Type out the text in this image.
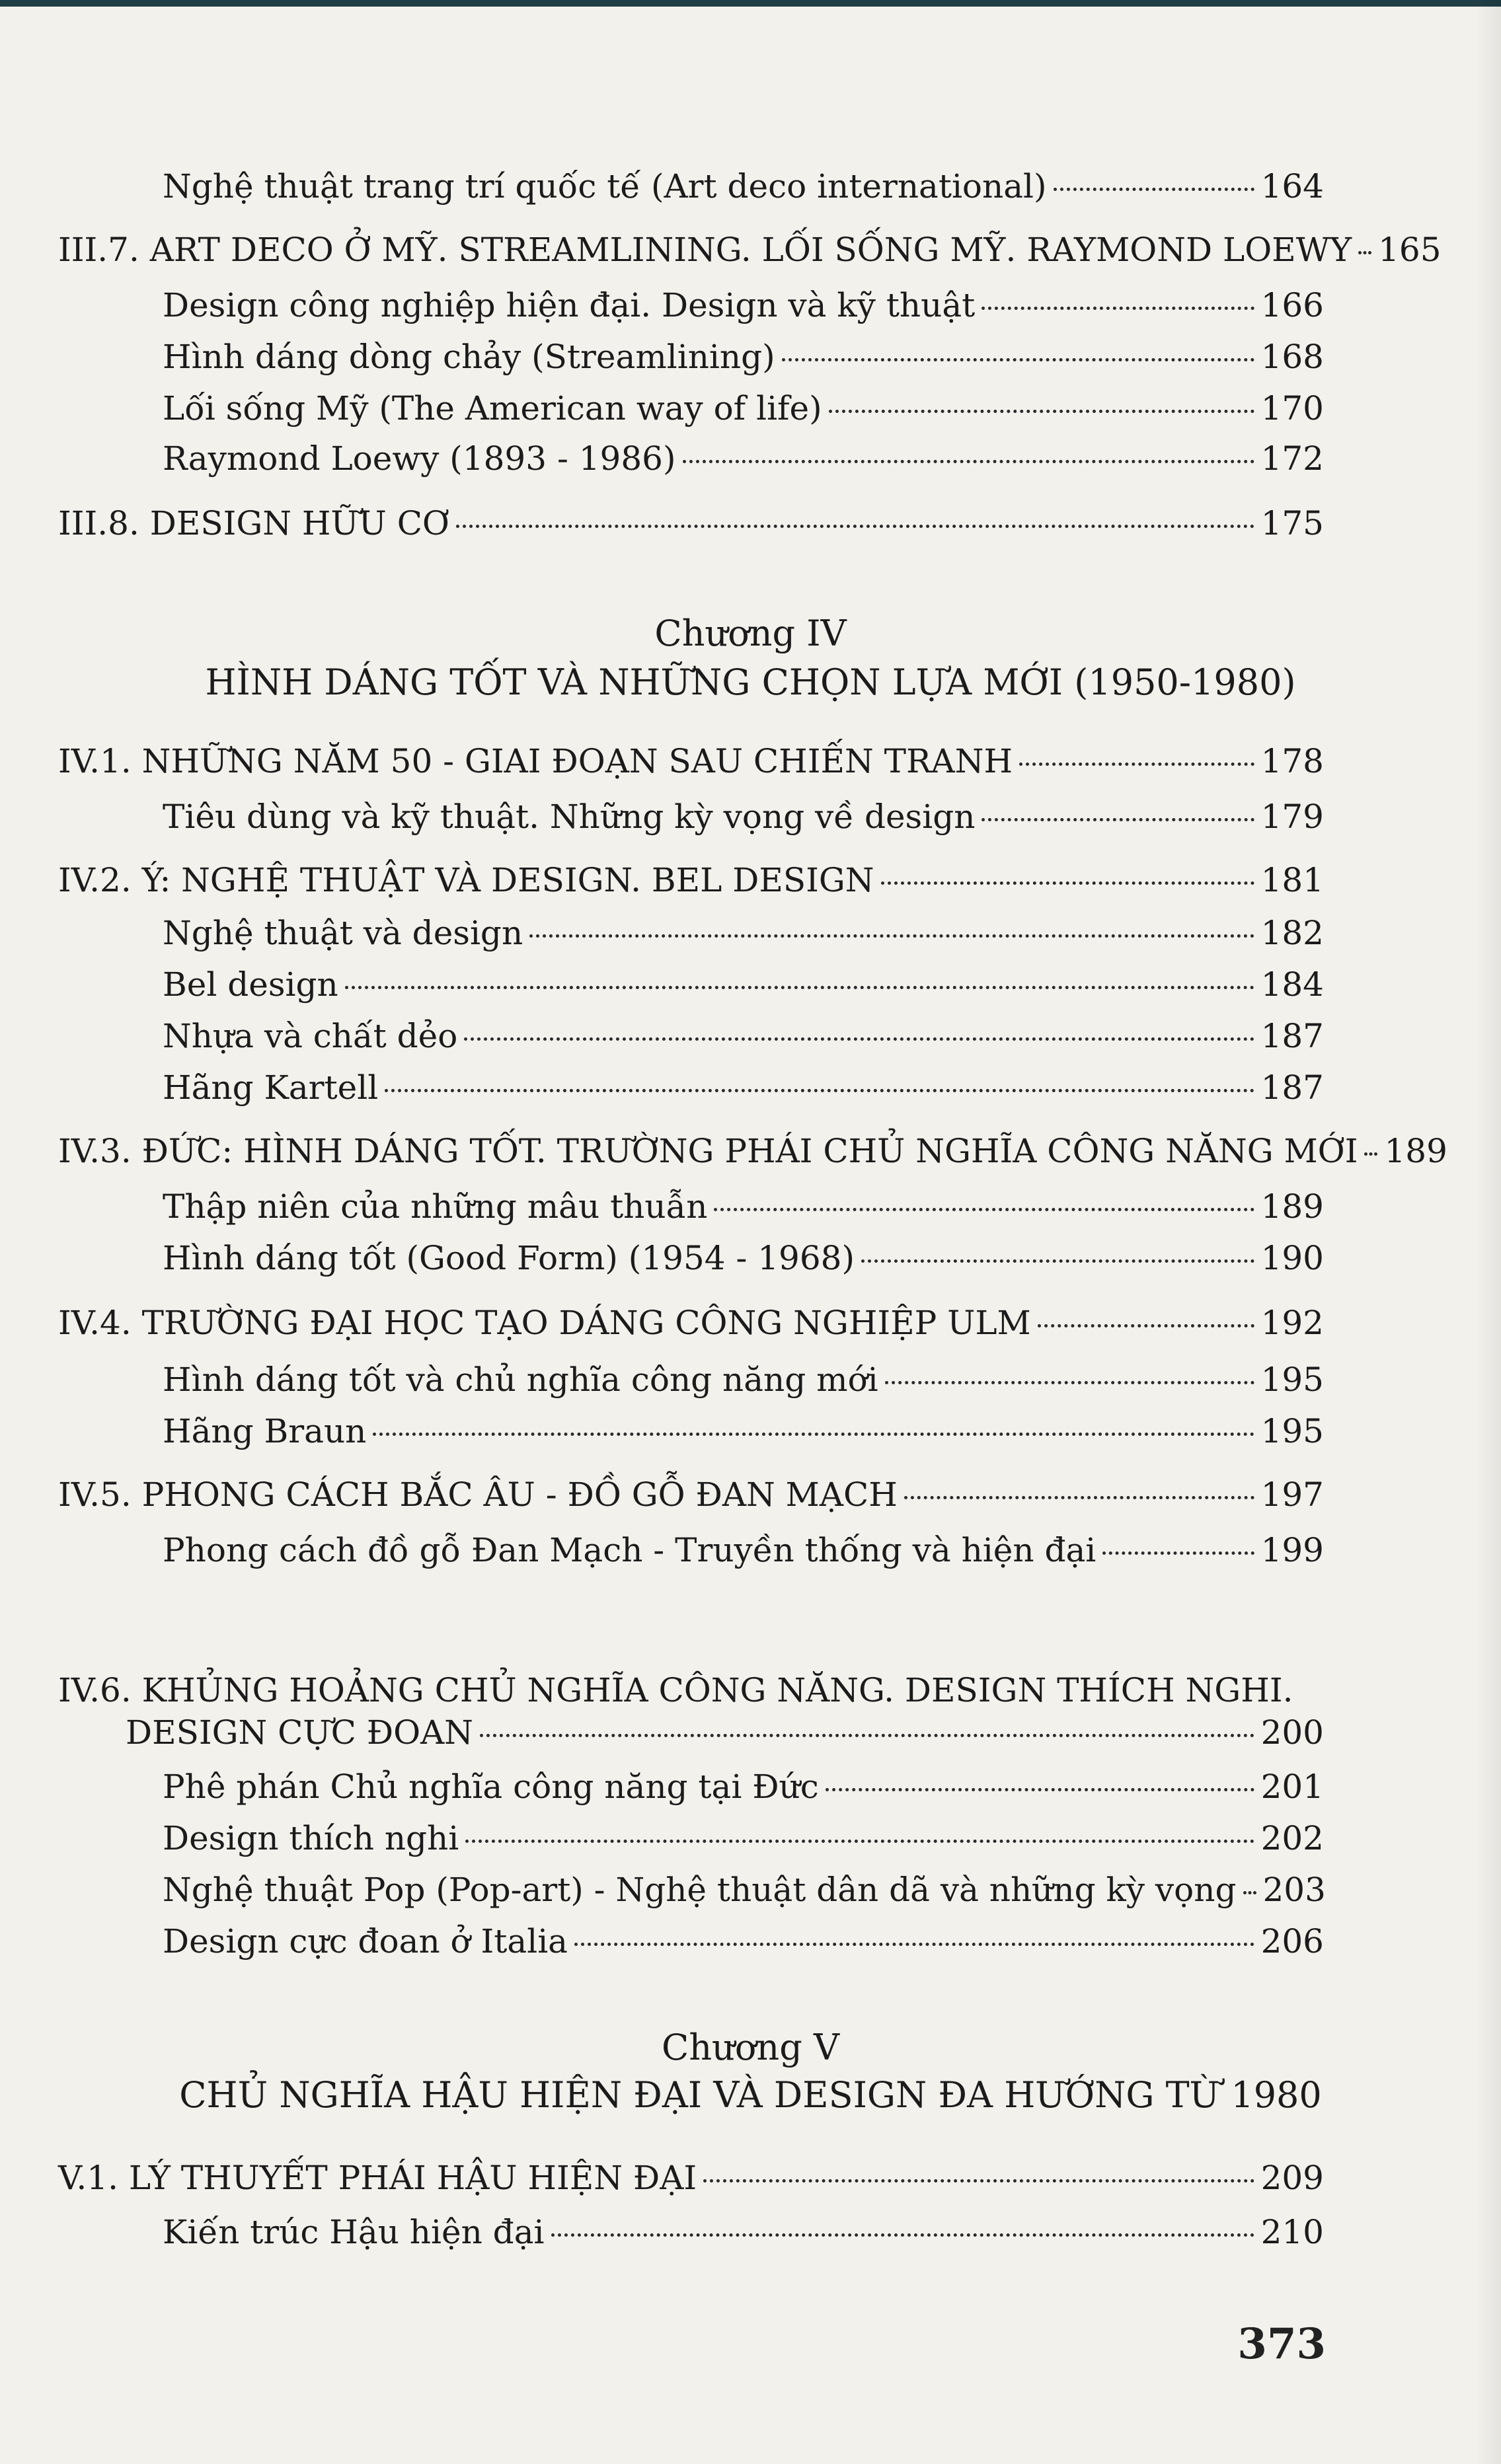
Nghệ thuật trang trí quốc tế (Art deco international)	164
III.7. ART DECO Ở MỸ. STREAMLINING. LỐI SỐNG MỸ. RAYMOND LOEWY 165
Design công nghiệp hiện đại. Design và kỹ thuật	166
Hình dáng dòng chảy (Streamlining)	168
Lối sống Mỹ (The American way of life)	170
Raymond Loewy (1893 - 1986)	172
III.8. DESIGN HỮU CƠ	175
Chương IV
HÌNH DÁNG TỐT VÀ NHỮNG CHỌN LỰA MỚI (1950-1980)
IV.1. NHỮNG NĂM 50 - GIAI ĐOẠN SAU CHIẾN TRANH	178
Tiêu dùng và kỹ thuật. Những kỳ vọng về design	179
IV.2. Ý: NGHỆ THUẬT VÀ DESIGN. BEL DESIGN	181
Nghệ thuật và design	182
Bel design	184
Nhựa và chất dẻo	187
Hãng Kartell	187
IV.3. ĐỨC: HÌNH DÁNG TỐT. TRƯỜNG PHÁI CHỦ NGHĨA CÔNG NĂNG MỚI 189
Thập niên của những mâu thuẫn	189
Hình dáng tốt (Good Form) (1954 - 1968)	190
IV.4. TRƯỜNG ĐẠI HỌC TẠO DÁNG CÔNG NGHIỆP ULM	192
Hình dáng tốt và chủ nghĩa công năng mới	195
Hãng Braun	195
IV.5. PHONG CÁCH BẮC ÂU - ĐỒ GỖ ĐAN MẠCH	197
Phong cách đồ gỗ Đan Mạch - Truyền thống và hiện đại	199
IV.6. KHỦNG HOẢNG CHỦ NGHĨA CÔNG NĂNG. DESIGN THÍCH NGHI.
DESIGN CỰC ĐOAN	200
Phê phán Chủ nghĩa công năng tại Đức	201
Design thích nghi	202
Nghệ thuật Pop (Pop-art) - Nghệ thuật dân dã và những kỳ vọng 203
Design cực đoan ở Italia	206
Chương V
CHỦ NGHĨA HẬU HIỆN ĐẠI VÀ DESIGN ĐA HƯỚNG TỪ 1980
V.1. LÝ THUYẾT PHÁI HẬU HIỆN ĐẠI	209
Kiến trúc Hậu hiện đại	210
373
